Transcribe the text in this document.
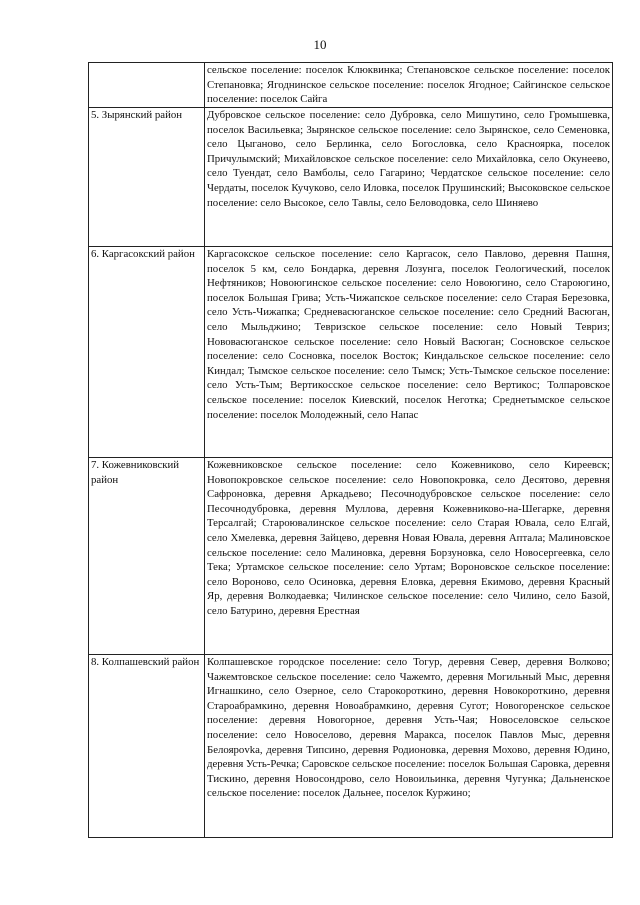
10
	сельское поселение: поселок Клюквинка; Степановское сельское поселение: поселок Степановка; Ягоднинское сельское поселение: поселок Ягодное; Сайгинское сельское поселение: поселок Сайга
5. Зырянский район	Дубровское сельское поселение: село Дубровка, село Мишутино, село Громышевка, поселок Васильевка; Зырянское сельское поселение: село Зырянское, село Семеновка, село Цыганово, село Берлинка, село Богословка, село Красноярка, поселок Причулымский; Михайловское сельское поселение: село Михайловка, село Окунеево, село Туендат, село Вамболы, село Гагарино; Чердатское сельское поселение: село Чердаты, поселок Кучуково, село Иловка, поселок Прушинский; Высоковское сельское поселение: село Высокое, село Тавлы, село Беловодовка, село Шиняево
6. Каргасокский район	Каргасокское сельское поселение: село Каргасок, село Павлово, деревня Пашня, поселок 5 км, село Бондарка, деревня Лозунга, поселок Геологический, поселок Нефтяников; Новоюгинское сельское поселение: село Новоюгино, село Староюгино, поселок Большая Грива; Усть-Чижапское сельское поселение: село Старая Березовка, село Усть-Чижапка; Средневасюганское сельское поселение: село Средний Васюган, село Мыльджино; Тевризское сельское поселение: село Новый Тевриз; Нововасюганское сельское поселение: село Новый Васюган; Сосновское сельское поселение: село Сосновка, поселок Восток; Киндальское сельское поселение: село Киндал; Тымское сельское поселение: село Тымск; Усть-Тымское сельское поселение: село Усть-Тым; Вертикосское сельское поселение: село Вертикос; Толпаровское сельское поселение: поселок Киевский, поселок Неготка; Среднетымское сельское поселение: поселок Молодежный, село Напас
7. Кожевниковский район	Кожевниковское сельское поселение: село Кожевниково, село Киреевск; Новопокровское сельское поселение: село Новопокровка, село Десятово, деревня Сафроновка, деревня Аркадьево; Песочнодубровское сельское поселение: село Песочнодубровка, деревня Муллова, деревня Кожевниково-на-Шегарке, деревня Терсалгай; Староювалинское сельское поселение: село Старая Ювала, село Елгай, село Хмелевка, деревня Зайцево, деревня Новая Ювала, деревня Аптала; Малиновское сельское поселение: село Малиновка, деревня Борзуновка, село Новосергеевка, село Тека; Уртамское сельское поселение: село Уртам; Вороновское сельское поселение: село Вороново, село Осиновка, деревня Еловка, деревня Екимово, деревня Красный Яр, деревня Волкодаевка; Чилинское сельское поселение: село Чилино, село Базой, село Батурино, деревня Ерестная
8. Колпашевский район	Колпашевское городское поселение: село Тогур, деревня Север, деревня Волково; Чажемтовское сельское поселение: село Чажемто, деревня Могильный Мыс, деревня Игнашкино, село Озерное, село Старокороткино, деревня Новокороткино, деревня Староабрамкино, деревня Новоабрамкино, деревня Сугот; Новогоренское сельское поселение: деревня Новогорное, деревня Усть-Чая; Новоселовское сельское поселение: село Новоселово, деревня Маракса, поселок Павлов Мыс, деревня Белоярovka, деревня Типсино, деревня Родионовка, деревня Мохово, деревня Юдино, деревня Усть-Речка; Саровское сельское поселение: поселок Большая Саровка, деревня Тискино, деревня Новосондрово, село Новоильинка, деревня Чугунка; Дальненское сельское поселение: поселок Дальнее, поселок Куржино;
